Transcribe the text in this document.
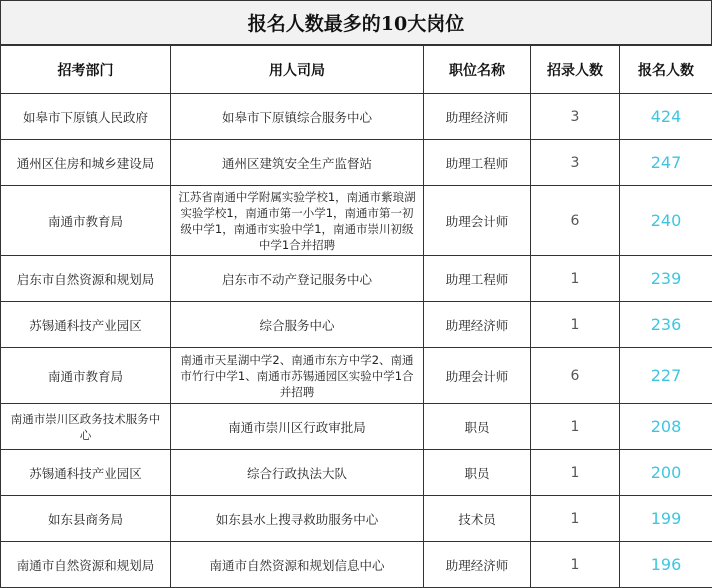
报名人数最多的10大岗位
招考部门	用人司局	职位名称	招录人数	报名人数
如皋市下原镇人民政府	如皋市下原镇综合服务中心	助理经济师	3	424
通州区住房和城乡建设局	通州区建筑安全生产监督站	助理工程师	3	247
南通市教育局	江苏省南通中学附属实验学校1，南通市紫琅湖实验学校1，南通市第一小学1，南通市第一初级中学1，南通市实验中学1，南通市崇川初级中学1合并招聘	助理会计师	6	240
启东市自然资源和规划局	启东市不动产登记服务中心	助理工程师	1	239
苏锡通科技产业园区	综合服务中心	助理经济师	1	236
南通市教育局	南通市天星湖中学2、南通市东方中学2、南通市竹行中学1、南通市苏锡通园区实验中学1合并招聘	助理会计师	6	227
南通市崇川区政务技术服务中心	南通市崇川区行政审批局	职员	1	208
苏锡通科技产业园区	综合行政执法大队	职员	1	200
如东县商务局	如东县水上搜寻救助服务中心	技术员	1	199
南通市自然资源和规划局	南通市自然资源和规划信息中心	助理经济师	1	196
